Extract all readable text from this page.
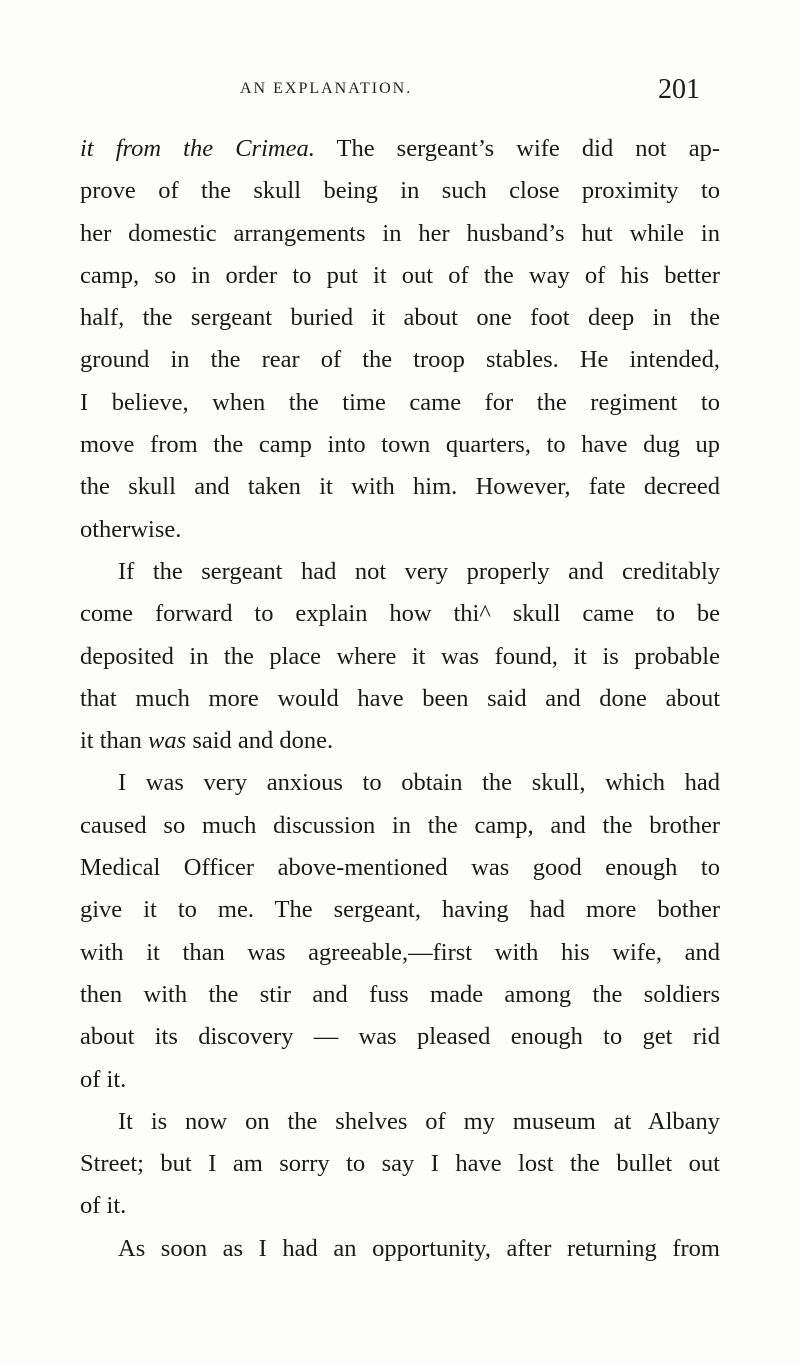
AN EXPLANATION.	201
it from the Crimea. The sergeant’s wife did not ap-
prove of the skull being in such close proximity to
her domestic arrangements in her husband’s hut while in
camp, so in order to put it out of the way of his better
half, the sergeant buried it about one foot deep in the
ground in the rear of the troop stables. He intended,
I believe, when the time came for the regiment to
move from the camp into town quarters, to have dug up
the skull and taken it with him. However, fate decreed
otherwise.
If the sergeant had not very properly and creditably
come forward to explain how thi^ skull came to be
deposited in the place where it was found, it is probable
that much more would have been said and done about
it than was said and done.
I was very anxious to obtain the skull, which had
caused so much discussion in the camp, and the brother
Medical Officer above-mentioned was good enough to
give it to me. The sergeant, having had more bother
with it than was agreeable,—first with his wife, and
then with the stir and fuss made among the soldiers
about its discovery — was pleased enough to get rid
of it.
It is now on the shelves of my museum at Albany
Street; but I am sorry to say I have lost the bullet out
of it.
As soon as I had an opportunity, after returning from
